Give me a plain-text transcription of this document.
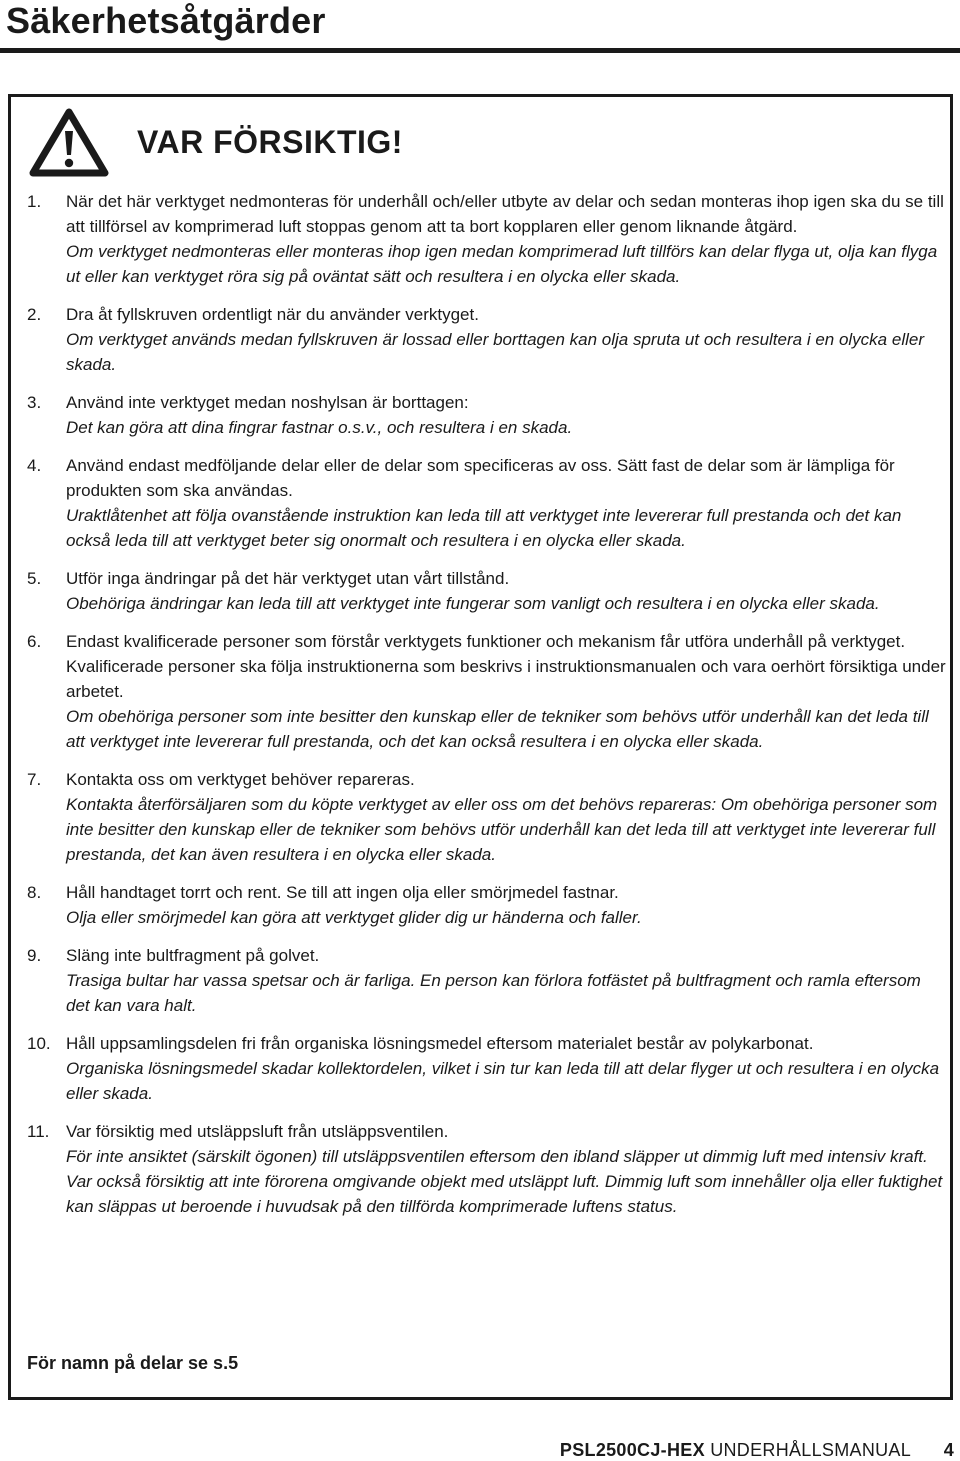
Säkerhetsåtgärder
VAR FÖRSIKTIG!
1.	När det här verktyget nedmonteras för underhåll och/eller utbyte av delar och sedan monteras ihop igen ska du se till att tillförsel av komprimerad luft stoppas genom att ta bort kopplaren eller genom liknande åtgärd.
Om verktyget nedmonteras eller monteras ihop igen medan komprimerad luft tillförs kan delar flyga ut, olja kan flyga ut eller kan verktyget röra sig på oväntat sätt och resultera i en olycka eller skada.
2.	Dra åt fyllskruven ordentligt när du använder verktyget.
Om verktyget används medan fyllskruven är lossad eller borttagen kan olja spruta ut och resultera i en olycka eller skada.
3.	Använd inte verktyget medan noshylsan är borttagen:
Det kan göra att dina fingrar fastnar o.s.v., och resultera i en skada.
4.	Använd endast medföljande delar eller de delar som specificeras av oss. Sätt fast de delar som är lämpliga för produkten som ska användas.
Uraktlåtenhet att följa ovanstående instruktion kan leda till att verktyget inte levererar full prestanda och det kan också leda till att verktyget beter sig onormalt och resultera i en olycka eller skada.
5.	Utför inga ändringar på det här verktyget utan vårt tillstånd.
Obehöriga ändringar kan leda till att verktyget inte fungerar som vanligt och resultera i en olycka eller skada.
6.	Endast kvalificerade personer som förstår verktygets funktioner och mekanism får utföra underhåll på verktyget. Kvalificerade personer ska följa instruktionerna som beskrivs i instruktionsmanualen och vara oerhört försiktiga under arbetet.
Om obehöriga personer som inte besitter den kunskap eller de tekniker som behövs utför underhåll kan det leda till att verktyget inte levererar full prestanda, och det kan också resultera i en olycka eller skada.
7.	Kontakta oss om verktyget behöver repareras.
Kontakta återförsäljaren som du köpte verktyget av eller oss om det behövs repareras: Om obehöriga personer som inte besitter den kunskap eller de tekniker som behövs utför underhåll kan det leda till att verktyget inte levererar full prestanda, det kan även resultera i en olycka eller skada.
8.	Håll handtaget torrt och rent. Se till att ingen olja eller smörjmedel fastnar.
Olja eller smörjmedel kan göra att verktyget glider dig ur händerna och faller.
9.	Släng inte bultfragment på golvet.
Trasiga bultar har vassa spetsar och är farliga. En person kan förlora fotfästet på bultfragment och ramla eftersom det kan vara halt.
10. Håll uppsamlingsdelen fri från organiska lösningsmedel eftersom materialet består av polykarbonat.
Organiska lösningsmedel skadar kollektordelen, vilket i sin tur kan leda till att delar flyger ut och resultera i en olycka eller skada.
11. Var försiktig med utsläppsluft från utsläppsventilen.
För inte ansiktet (särskilt ögonen) till utsläppsventilen eftersom den ibland släpper ut dimmig luft med intensiv kraft. Var också försiktig att inte förorena omgivande objekt med utsläppt luft. Dimmig luft som innehåller olja eller fuktighet kan släppas ut beroende i huvudsak på den tillförda komprimerade luftens status.

För namn på delar se s.5

PSL2500CJ-HEX UNDERHÅLLSMANUAL 4
